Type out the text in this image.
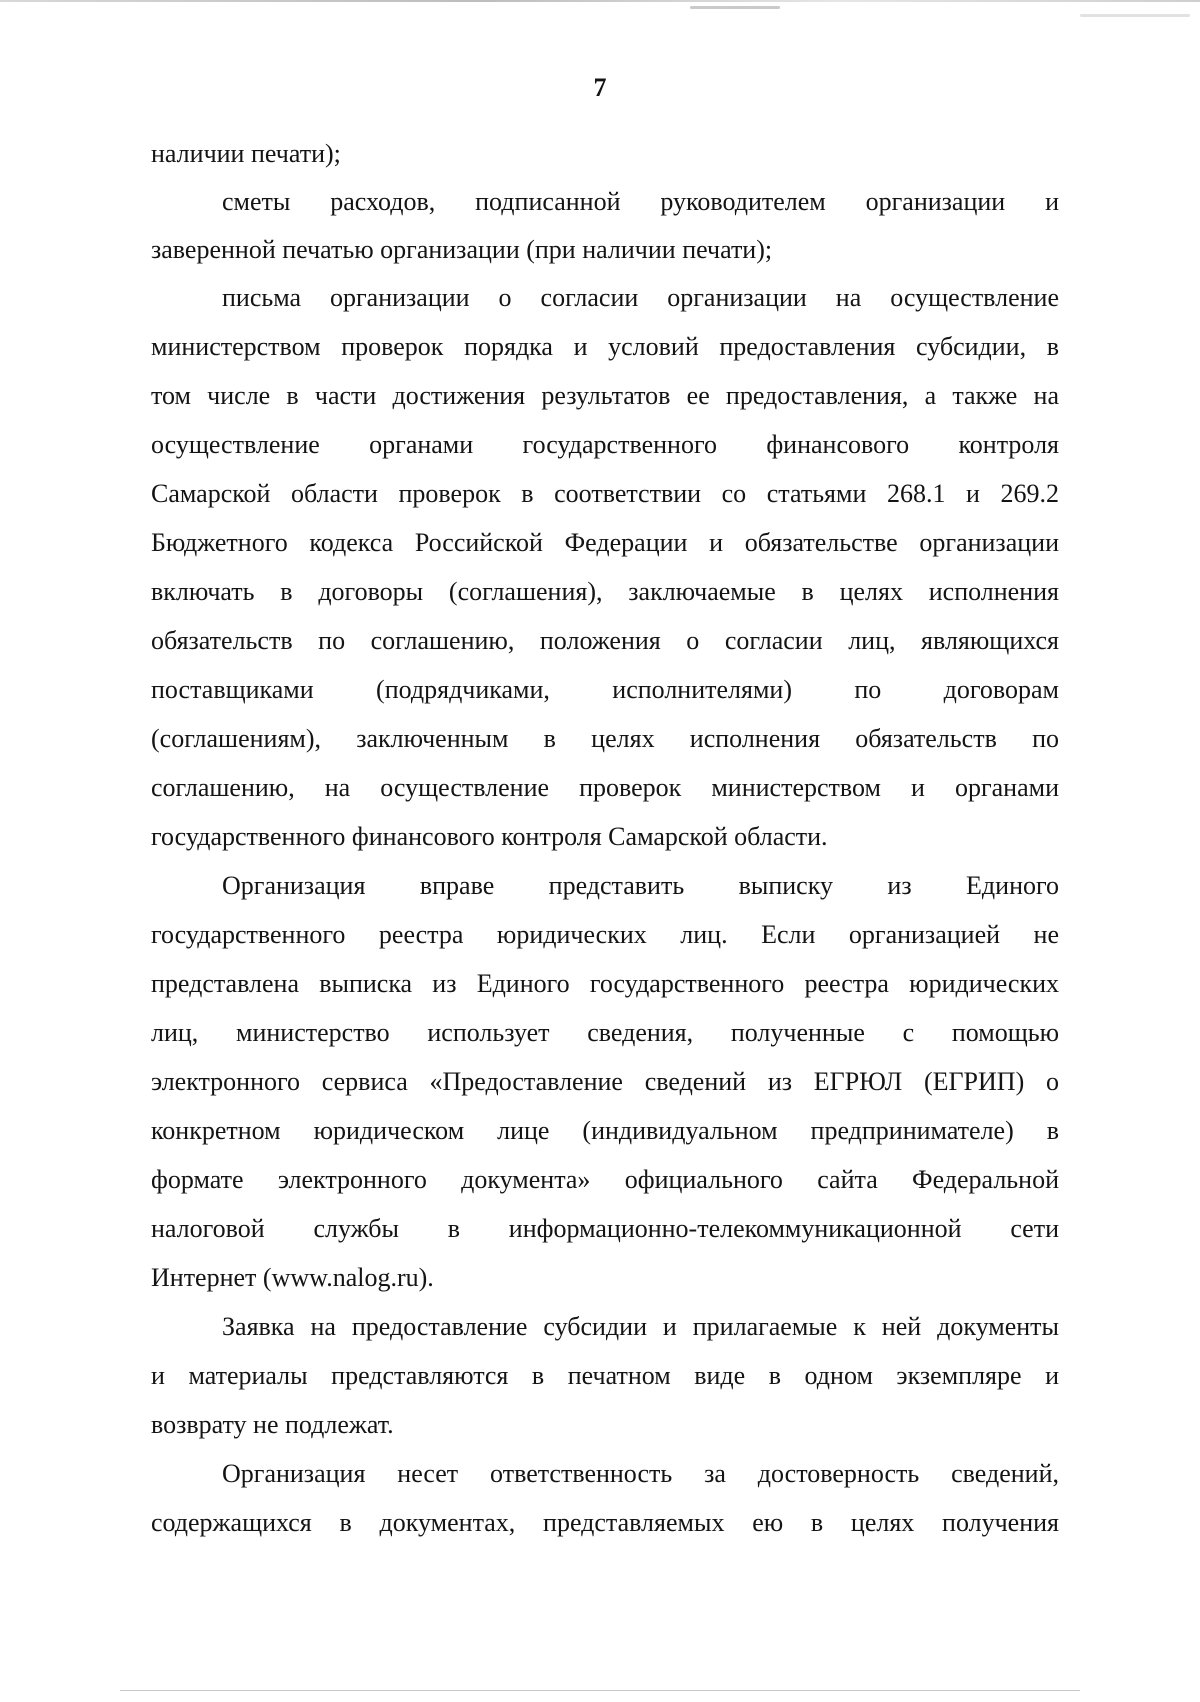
7
наличии печати);
сметы расходов, подписанной руководителем организации и
заверенной печатью организации (при наличии печати);
письма организации о согласии организации на осуществление
министерством проверок порядка и условий предоставления субсидии, в
том числе в части достижения результатов ее предоставления, а также на
осуществление органами государственного финансового контроля
Самарской области проверок в соответствии со статьями 268.1 и 269.2
Бюджетного кодекса Российской Федерации и обязательстве организации
включать в договоры (соглашения), заключаемые в целях исполнения
обязательств по соглашению, положения о согласии лиц, являющихся
поставщиками (подрядчиками, исполнителями) по договорам
(соглашениям), заключенным в целях исполнения обязательств по
соглашению, на осуществление проверок министерством и органами
государственного финансового контроля Самарской области.
Организация вправе представить выписку из Единого
государственного реестра юридических лиц. Если организацией не
представлена выписка из Единого государственного реестра юридических
лиц, министерство использует сведения, полученные с помощью
электронного сервиса «Предоставление сведений из ЕГРЮЛ (ЕГРИП) о
конкретном юридическом лице (индивидуальном предпринимателе) в
формате электронного документа» официального сайта Федеральной
налоговой службы в информационно-телекоммуникационной сети
Интернет (www.nalog.ru).
Заявка на предоставление субсидии и прилагаемые к ней документы
и материалы представляются в печатном виде в одном экземпляре и
возврату не подлежат.
Организация несет ответственность за достоверность сведений,
содержащихся в документах, представляемых ею в целях получения
